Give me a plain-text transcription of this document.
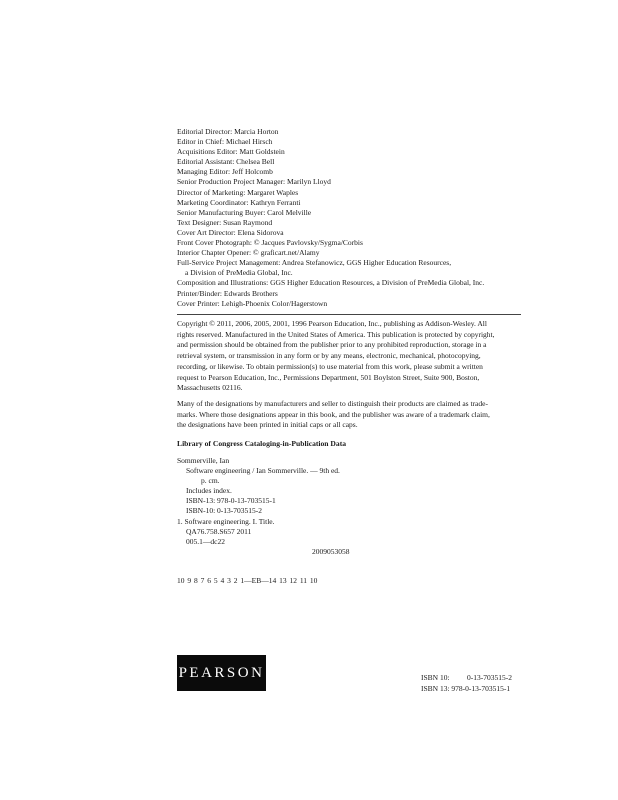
Editorial Director: Marcia Horton
Editor in Chief: Michael Hirsch
Acquisitions Editor: Matt Goldstein
Editorial Assistant: Chelsea Bell
Managing Editor: Jeff Holcomb
Senior Production Project Manager: Marilyn Lloyd
Director of Marketing: Margaret Waples
Marketing Coordinator: Kathryn Ferranti
Senior Manufacturing Buyer: Carol Melville
Text Designer: Susan Raymond
Cover Art Director: Elena Sidorova
Front Cover Photograph: © Jacques Pavlovsky/Sygma/Corbis
Interior Chapter Opener: © graficart.net/Alamy
Full-Service Project Management: Andrea Stefanowicz, GGS Higher Education Resources,
a Division of PreMedia Global, Inc.
Composition and Illustrations: GGS Higher Education Resources, a Division of PreMedia Global, Inc.
Printer/Binder: Edwards Brothers
Cover Printer: Lehigh-Phoenix Color/Hagerstown
Copyright © 2011, 2006, 2005, 2001, 1996 Pearson Education, Inc., publishing as Addison-Wesley. All
rights reserved. Manufactured in the United States of America. This publication is protected by copyright,
and permission should be obtained from the publisher prior to any prohibited reproduction, storage in a
retrieval system, or transmission in any form or by any means, electronic, mechanical, photocopying,
recording, or likewise. To obtain permission(s) to use material from this work, please submit a written
request to Pearson Education, Inc., Permissions Department, 501 Boylston Street, Suite 900, Boston,
Massachusetts 02116.
Many of the designations by manufacturers and seller to distinguish their products are claimed as trade-
marks. Where those designations appear in this book, and the publisher was aware of a trademark claim,
the designations have been printed in initial caps or all caps.
Library of Congress Cataloging-in-Publication Data
Sommerville, Ian
Software engineering / Ian Sommerville. — 9th ed.
p. cm.
Includes index.
ISBN-13: 978-0-13-703515-1
ISBN-10: 0-13-703515-2
1. Software engineering. I. Title.
QA76.758.S657 2011
005.1—dc22
2009053058
10 9 8 7 6 5 4 3 2 1—EB—14 13 12 11 10
PEARSON	ISBN 10: 0-13-703515-2
ISBN 13: 978-0-13-703515-1
